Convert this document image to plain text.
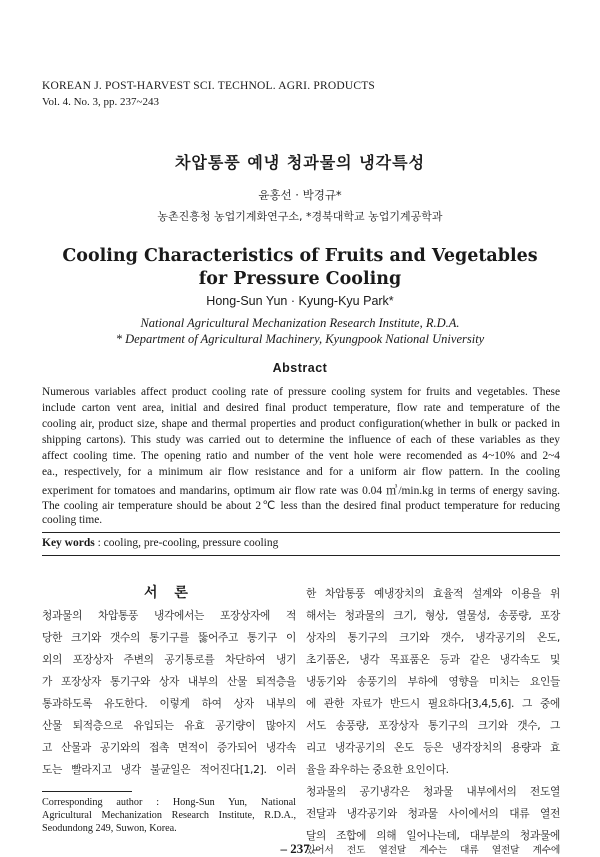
KOREAN J. POST-HARVEST SCI. TECHNOL. AGRI. PRODUCTS
Vol. 4. No. 3, pp. 237~243
차압통풍 예냉 청과물의 냉각특성
윤홍선 · 박경규*
농촌진흥청 농업기계화연구소, *경북대학교 농업기계공학과
Cooling Characteristics of Fruits and Vegetables
for Pressure Cooling
Hong-Sun Yun · Kyung-Kyu Park*
National Agricultural Mechanization Research Institute, R.D.A.
* Department of Agricultural Machinery, Kyungpook National University
Abstract
Numerous variables affect product cooling rate of pressure cooling system for fruits and vegetables. These
include carton vent area, initial and desired final product temperature, flow rate and temperature of the
cooling air, product size, shape and thermal properties and product configuration(whether in bulk or packed in
shipping cartons). This study was carried out to determine the influence of each of these variables as they
affect cooling time. The opening ratio and number of the vent hole were recomended as 4~10% and 2~4
ea., respectively, for a minimum air flow resistance and for a uniform air flow pattern. In the cooling
experiment for tomatoes and mandarins, optimum air flow rate was 0.04 ㎥/min.kg in terms of energy saving.
The cooling air temperature should be about 2℃ less than the desired final product temperature for reducing
cooling time.
Key words : cooling, pre-cooling, pressure cooling
서 론
청과물의 차압통풍 냉각에서는 포장상자에 적
당한 크기와 갯수의 통기구를 뚫어주고 통기구 이
외의 포장상자 주변의 공기통로를 차단하여 냉기
가 포장상자 통기구와 상자 내부의 산물 퇴적층을
통과하도록 유도한다. 이렇게 하여 상자 내부의
산물 퇴적층으로 유입되는 유효 공기량이 많아지
고 산물과 공기와의 접촉 면적이 증가되어 냉각속
도는 빨라지고 냉각 불균일은 적어진다[1,2]. 이러
한 차압통풍 예냉장치의 효율적 설계와 이용을 위
해서는 청과물의 크기, 형상, 열물성, 송풍량, 포장
상자의 통기구의 크기와 갯수, 냉각공기의 온도,
초기품온, 냉각 목표품온 등과 같은 냉각속도 및
냉동기와 송풍기의 부하에 영향을 미치는 요인들
에 관한 자료가 반드시 필요하다[3,4,5,6]. 그 중에
서도 송풍량, 포장상자 통기구의 크기와 갯수, 그
리고 냉각공기의 온도 등은 냉각장치의 용량과 효
율을 좌우하는 중요한 요인이다.
청과물의 공기냉각은 청과물 내부에서의 전도열
전달과 냉각공기와 청과물 사이에서의 대류 열전
달의 조합에 의해 일어나는데, 대부분의 청과물에
있어서 전도 열전달 계수는 대류 열전달 계수에
Corresponding author : Hong-Sun Yun, National
Agricultural Mechanization Research Institute, R.D.A.,
Seodundong 249, Suwon, Korea.
– 237 –
